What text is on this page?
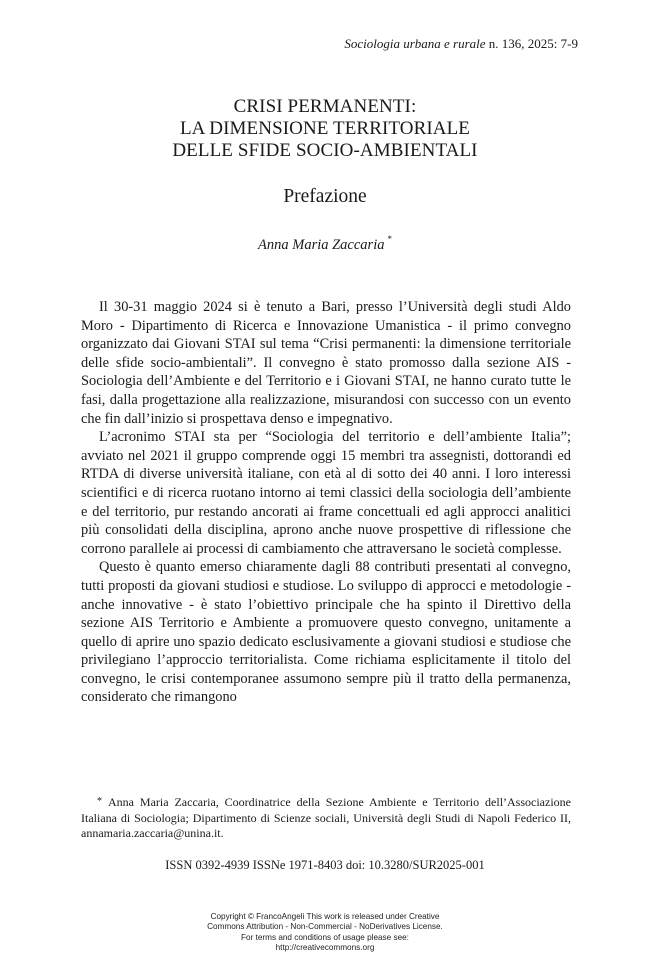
Sociologia urbana e rurale n. 136, 2025: 7-9
CRISI PERMANENTI:
LA DIMENSIONE TERRITORIALE
DELLE SFIDE SOCIO-AMBIENTALI
Prefazione
Anna Maria Zaccaria *

Il 30-31 maggio 2024 si è tenuto a Bari, presso l’Università degli studi Aldo Moro - Dipartimento di Ricerca e Innovazione Umanistica - il primo convegno organizzato dai Giovani STAI sul tema “Crisi permanenti: la dimensione territoriale delle sfide socio-ambientali”. Il convegno è stato promosso dalla sezione AIS - Sociologia dell’Ambiente e del Territorio e i Giovani STAI, ne hanno curato tutte le fasi, dalla progettazione alla realizzazione, misurandosi con successo con un evento che fin dall’inizio si prospettava denso e impegnativo.

L’acronimo STAI sta per “Sociologia del territorio e dell’ambiente Italia”; avviato nel 2021 il gruppo comprende oggi 15 membri tra assegnisti, dottorandi ed RTDA di diverse università italiane, con età al di sotto dei 40 anni. I loro interessi scientifici e di ricerca ruotano intorno ai temi classici della sociologia dell’ambiente e del territorio, pur restando ancorati ai frame concettuali ed agli approcci analitici più consolidati della disciplina, aprono anche nuove prospettive di riflessione che corrono parallele ai processi di cambiamento che attraversano le società complesse.

Questo è quanto emerso chiaramente dagli 88 contributi presentati al convegno, tutti proposti da giovani studiosi e studiose. Lo sviluppo di approcci e metodologie - anche innovative - è stato l’obiettivo principale che ha spinto il Direttivo della sezione AIS Territorio e Ambiente a promuovere questo convegno, unitamente a quello di aprire uno spazio dedicato esclusivamente a giovani studiosi e studiose che privilegiano l’approccio territorialista. Come richiama esplicitamente il titolo del convegno, le crisi contemporanee assumono sempre più il tratto della permanenza, considerato che rimangono

* Anna Maria Zaccaria, Coordinatrice della Sezione Ambiente e Territorio dell’Associazione Italiana di Sociologia; Dipartimento di Scienze sociali, Università degli Studi di Napoli Federico II, annamaria.zaccaria@unina.it.
ISSN 0392-4939 ISSNe 1971-8403 doi: 10.3280/SUR2025-001
Copyright © FrancoAngeli This work is released under Creative
Commons Attribution - Non-Commercial - NoDerivatives License.
For terms and conditions of usage please see:
http://creativecommons.org
